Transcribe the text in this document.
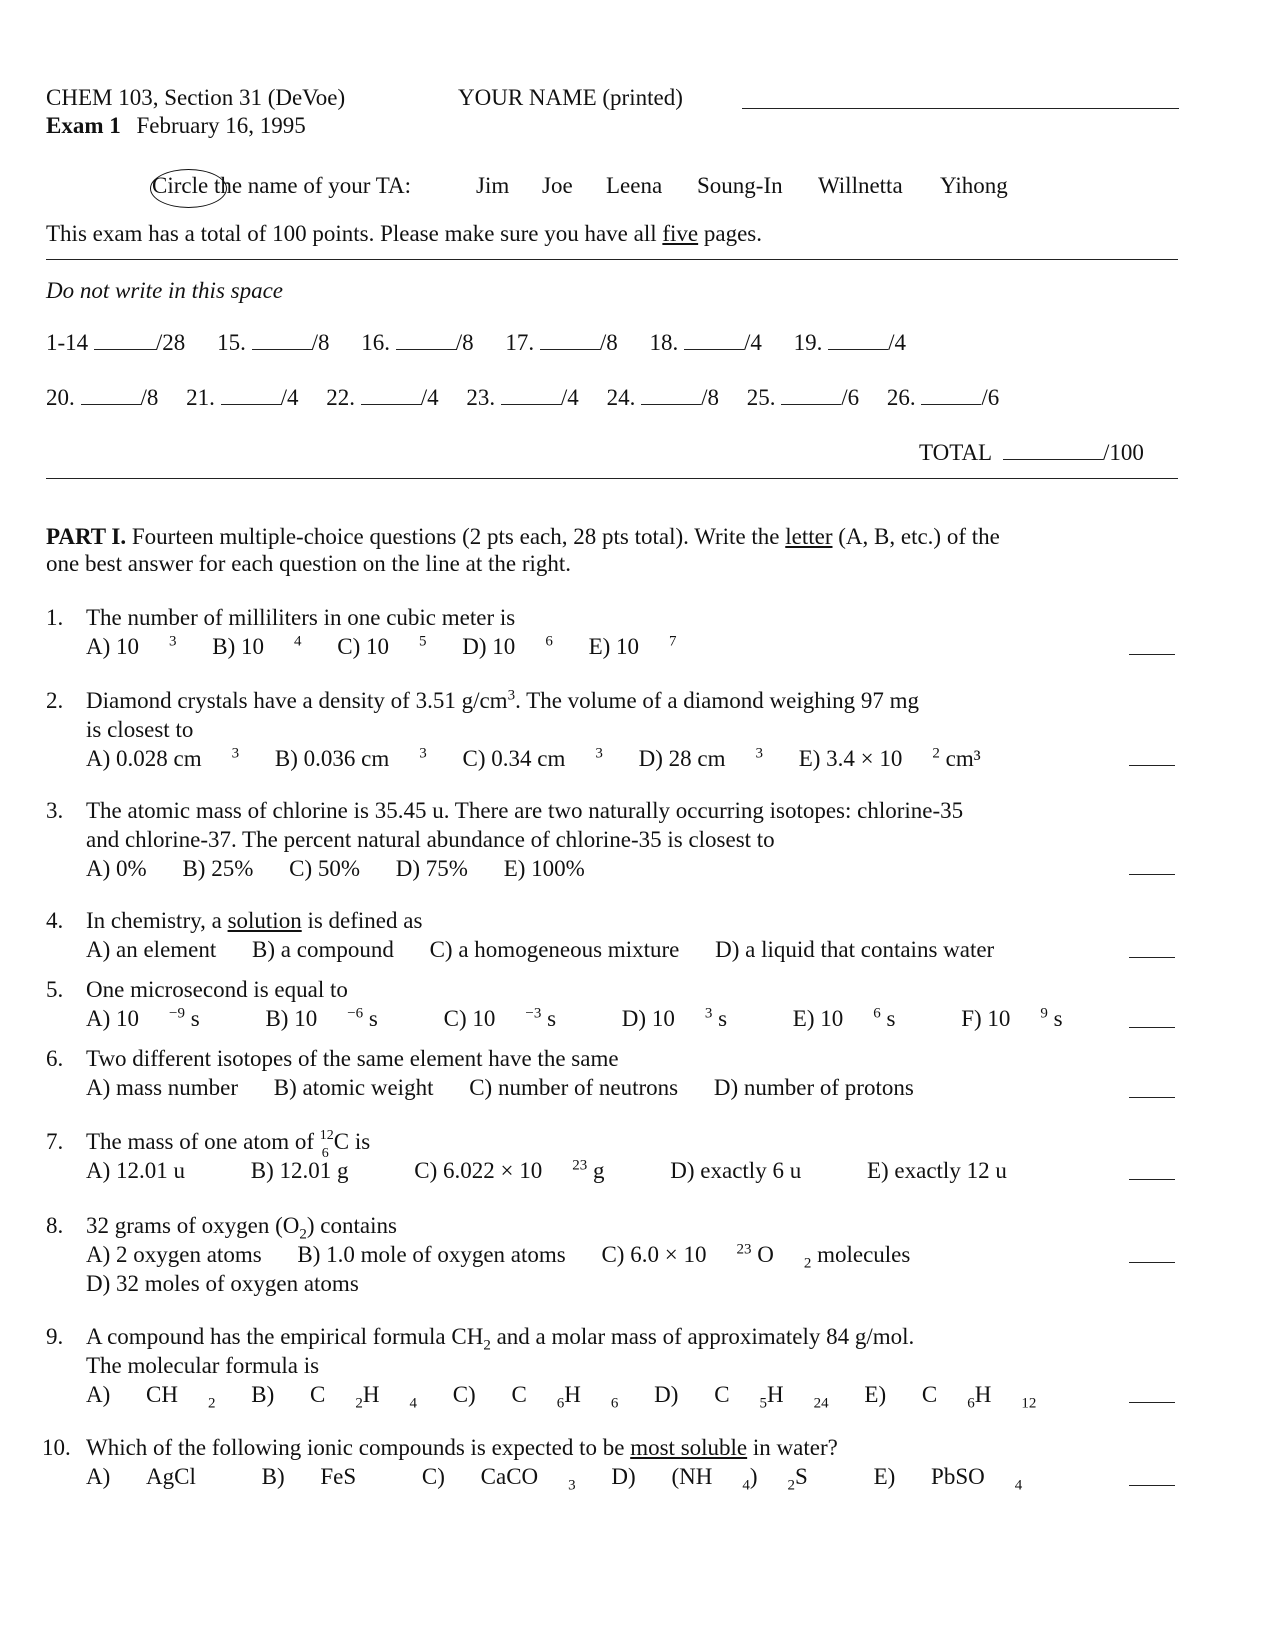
CHEM 103, Section 31 (DeVoe)
Exam 1 February 16, 1995
YOUR NAME (printed)
Circle the name of your TA:	Jim Joe Leena Soung-In Willnetta Yihong
This exam has a total of 100 points. Please make sure you have all five pages.
Do not write in this space
1-14	/28 15.	/8 16.	/8 17.	/8 18.	/4 19.	/4
20.	/8 21.	/4 22.	/4 23.	/4 24.	/8 25.	/6 26.	/6
TOTAL	/100
PART I. Fourteen multiple-choice questions (2 pts each, 28 pts total). Write the letter (A, B, etc.) of the
one best answer for each question on the line at the right.
1. The number of milliliters in one cubic meter is
A) 10 $^3$ B) 10 $^4$ C) 10 $^5$ D) 10 $^6$ E) 10 $^7$
2. Diamond crystals have a density of 3.51 $g/cm^3$. The volume of a diamond weighing 97 mg
is closest to
A) 0.028 cm $^3$ B) 0.036 cm $^3$ C) 0.34 cm $^3$ D) 28 cm $^3$ E) 3.4 × 10 $^2$ cm³
3. The atomic mass of chlorine is 35.45 u. There are two naturally occurring isotopes: chlorine-35
and chlorine-37. The percent natural abundance of chlorine-35 is closest to
A) 0% B) 25% C) 50% D) 75% E) 100%
4. In chemistry, a solution is defined as
A) an element B) a compound C) a homogeneous mixture D) a liquid that contains water
5. One microsecond is equal to
A) 10 $^{-9}$ s	B) 10 $^{-6}$ s	C) 10 $^{-3}$ s	D) 10 $^3$ s	E) 10 $^6$ s	F) 10 $^9$ s
6. Two different isotopes of the same element have the same
A) mass number B) atomic weight C) number of neutrons D) number of protons
7. The mass of one atom of 12
6 C is
A) 12.01 u	B) 12.01 g	C) 6.022 × 10 $^{23}$ g	D) exactly 6 u	E) exactly 12 u
8. 32 grams of oxygen $(O_2)$ contains
A) 2 oxygen atoms B) 1.0 mole of oxygen atoms C) 6.0 × 10 $^{23}$ O $_2$ molecules
D) 32 moles of oxygen atoms
9. A compound has the empirical formula $CH_2$ and a molar mass of approximately 84 g/mol.
The molecular formula is
A) CH $_2$ B) C $_2$H $_4$ C) C $_6$H $_6$ D) C $_5$H $_{24}$ E) C $_6$H $_{12}$
10. Which of the following ionic compounds is expected to be most soluble in water?
A) AgCl	B) FeS	C) CaCO $_3$ D) (NH $_4$) $_2$S	E) PbSO $_4$
